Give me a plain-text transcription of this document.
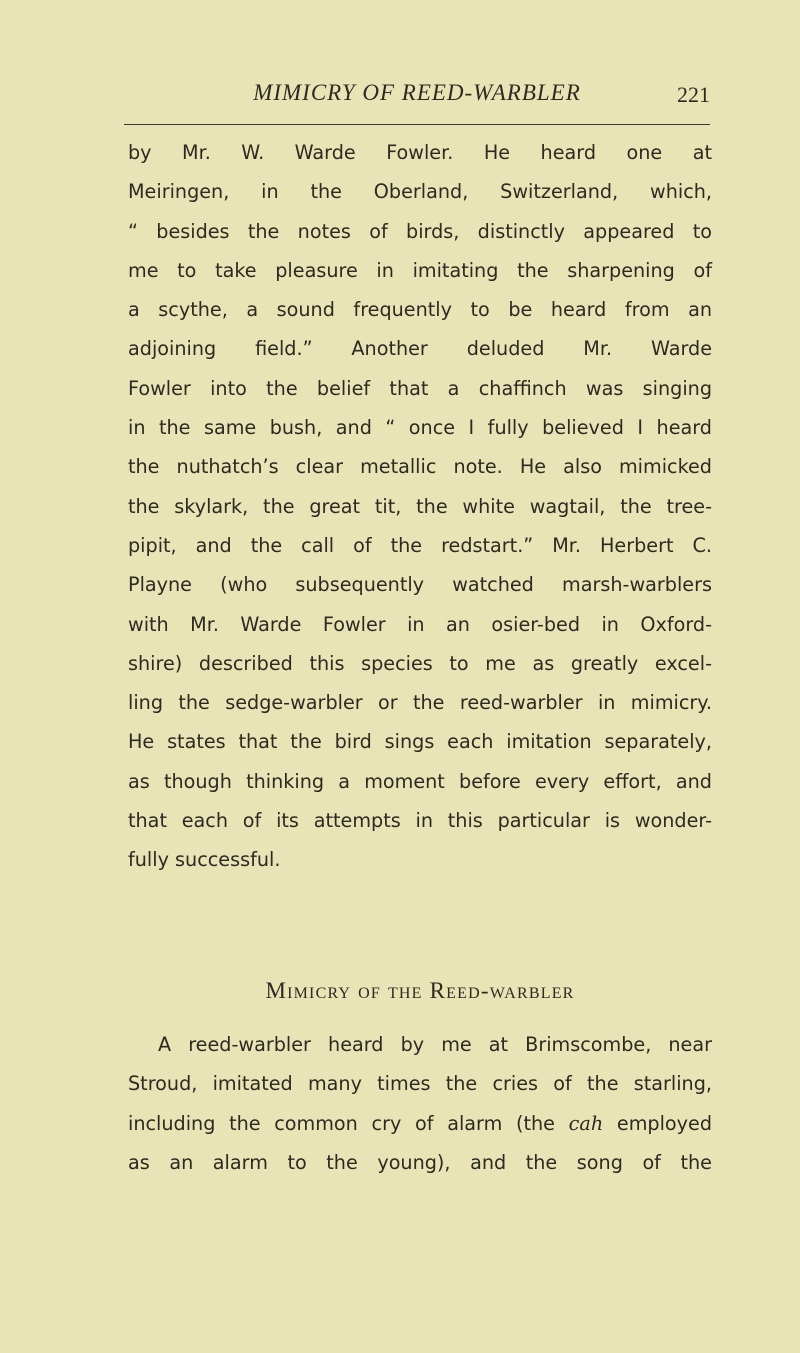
MIMICRY OF REED-WARBLER	221
by Mr. W. Warde Fowler. He heard one at
Meiringen, in the Oberland, Switzerland, which,
“ besides the notes of birds, distinctly appeared to
me to take pleasure in imitating the sharpening of
a scythe, a sound frequently to be heard from an
adjoining field.” Another deluded Mr. Warde
Fowler into the belief that a chaffinch was singing
in the same bush, and “ once I fully believed I heard
the nuthatch’s clear metallic note. He also mimicked
the skylark, the great tit, the white wagtail, the tree-
pipit, and the call of the redstart.” Mr. Herbert C.
Playne (who subsequently watched marsh-warblers
with Mr. Warde Fowler in an osier-bed in Oxford-
shire) described this species to me as greatly excel-
ling the sedge-warbler or the reed-warbler in mimicry.
He states that the bird sings each imitation separately,
as though thinking a moment before every effort, and
that each of its attempts in this particular is wonder-
fully successful.
Mimicry of the Reed-warbler
A reed-warbler heard by me at Brimscombe, near
Stroud, imitated many times the cries of the starling,
including the common cry of alarm (the cah employed
as an alarm to the young), and the song of the
